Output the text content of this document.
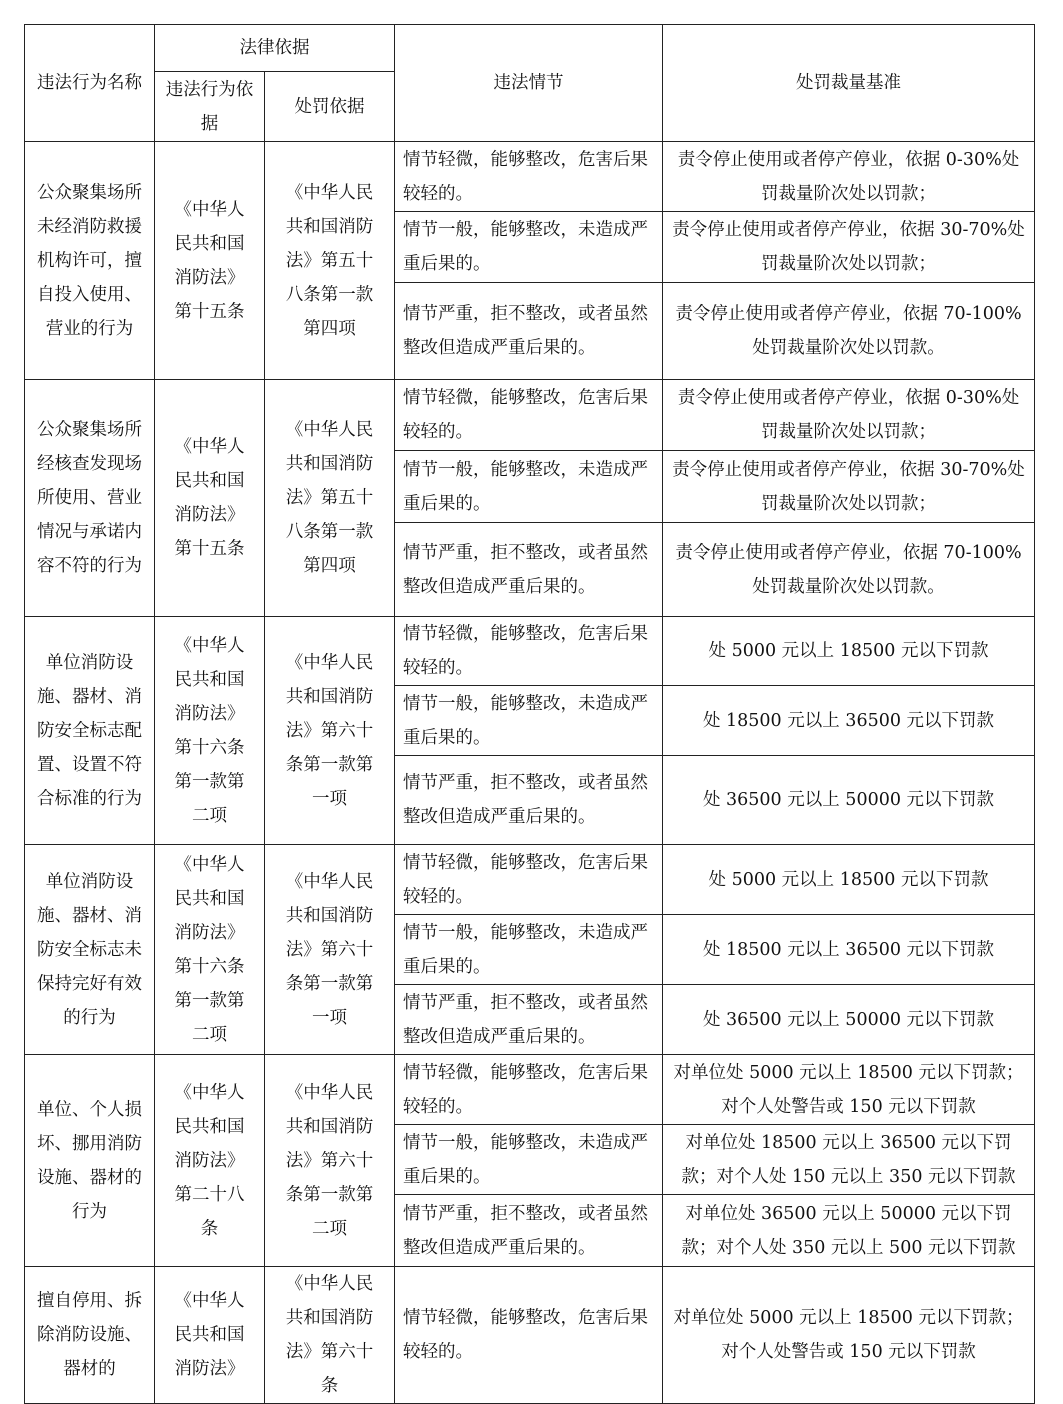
违法行为名称	法律依据		违法情节	处罚裁量基准
	违法行为依据	处罚依据		
公众聚集场所未经消防救援机构许可，擅自投入使用、营业的行为	《中华人民共和国消防法》第十五条	《中华人民共和国消防法》第五十八条第一款第四项	情节轻微，能够整改，危害后果较轻的。	责令停止使用或者停产停业，依据 0-30%处罚裁量阶次处以罚款；
			情节一般，能够整改，未造成严重后果的。	责令停止使用或者停产停业，依据 30-70%处罚裁量阶次处以罚款；
			情节严重，拒不整改，或者虽然整改但造成严重后果的。	责令停止使用或者停产停业，依据 70-100%处罚裁量阶次处以罚款。
公众聚集场所经核查发现场所使用、营业情况与承诺内容不符的行为	《中华人民共和国消防法》第十五条	《中华人民共和国消防法》第五十八条第一款第四项	情节轻微，能够整改，危害后果较轻的。	责令停止使用或者停产停业，依据 0-30%处罚裁量阶次处以罚款；
			情节一般，能够整改，未造成严重后果的。	责令停止使用或者停产停业，依据 30-70%处罚裁量阶次处以罚款；
			情节严重，拒不整改，或者虽然整改但造成严重后果的。	责令停止使用或者停产停业，依据 70-100%处罚裁量阶次处以罚款。
单位消防设施、器材、消防安全标志配置、设置不符合标准的行为	《中华人民共和国消防法》第十六条第一款第二项	《中华人民共和国消防法》第六十条第一款第一项	情节轻微，能够整改，危害后果较轻的。	处 5000 元以上 18500 元以下罚款
			情节一般，能够整改，未造成严重后果的。	处 18500 元以上 36500 元以下罚款
			情节严重，拒不整改，或者虽然整改但造成严重后果的。	处 36500 元以上 50000 元以下罚款
单位消防设施、器材、消防安全标志未保持完好有效的行为	《中华人民共和国消防法》第十六条第一款第二项	《中华人民共和国消防法》第六十条第一款第一项	情节轻微，能够整改，危害后果较轻的。	处 5000 元以上 18500 元以下罚款
			情节一般，能够整改，未造成严重后果的。	处 18500 元以上 36500 元以下罚款
			情节严重，拒不整改，或者虽然整改但造成严重后果的。	处 36500 元以上 50000 元以下罚款
单位、个人损坏、挪用消防设施、器材的行为	《中华人民共和国消防法》第二十八条	《中华人民共和国消防法》第六十条第一款第二项	情节轻微，能够整改，危害后果较轻的。	对单位处 5000 元以上 18500 元以下罚款；对个人处警告或 150 元以下罚款
			情节一般，能够整改，未造成严重后果的。	对单位处 18500 元以上 36500 元以下罚款；对个人处 150 元以上 350 元以下罚款
			情节严重，拒不整改，或者虽然整改但造成严重后果的。	对单位处 36500 元以上 50000 元以下罚款；对个人处 350 元以上 500 元以下罚款
擅自停用、拆除消防设施、器材的	《中华人民共和国消防法》	《中华人民共和国消防法》第六十条	情节轻微，能够整改，危害后果较轻的。	对单位处 5000 元以上 18500 元以下罚款；对个人处警告或 150 元以下罚款
